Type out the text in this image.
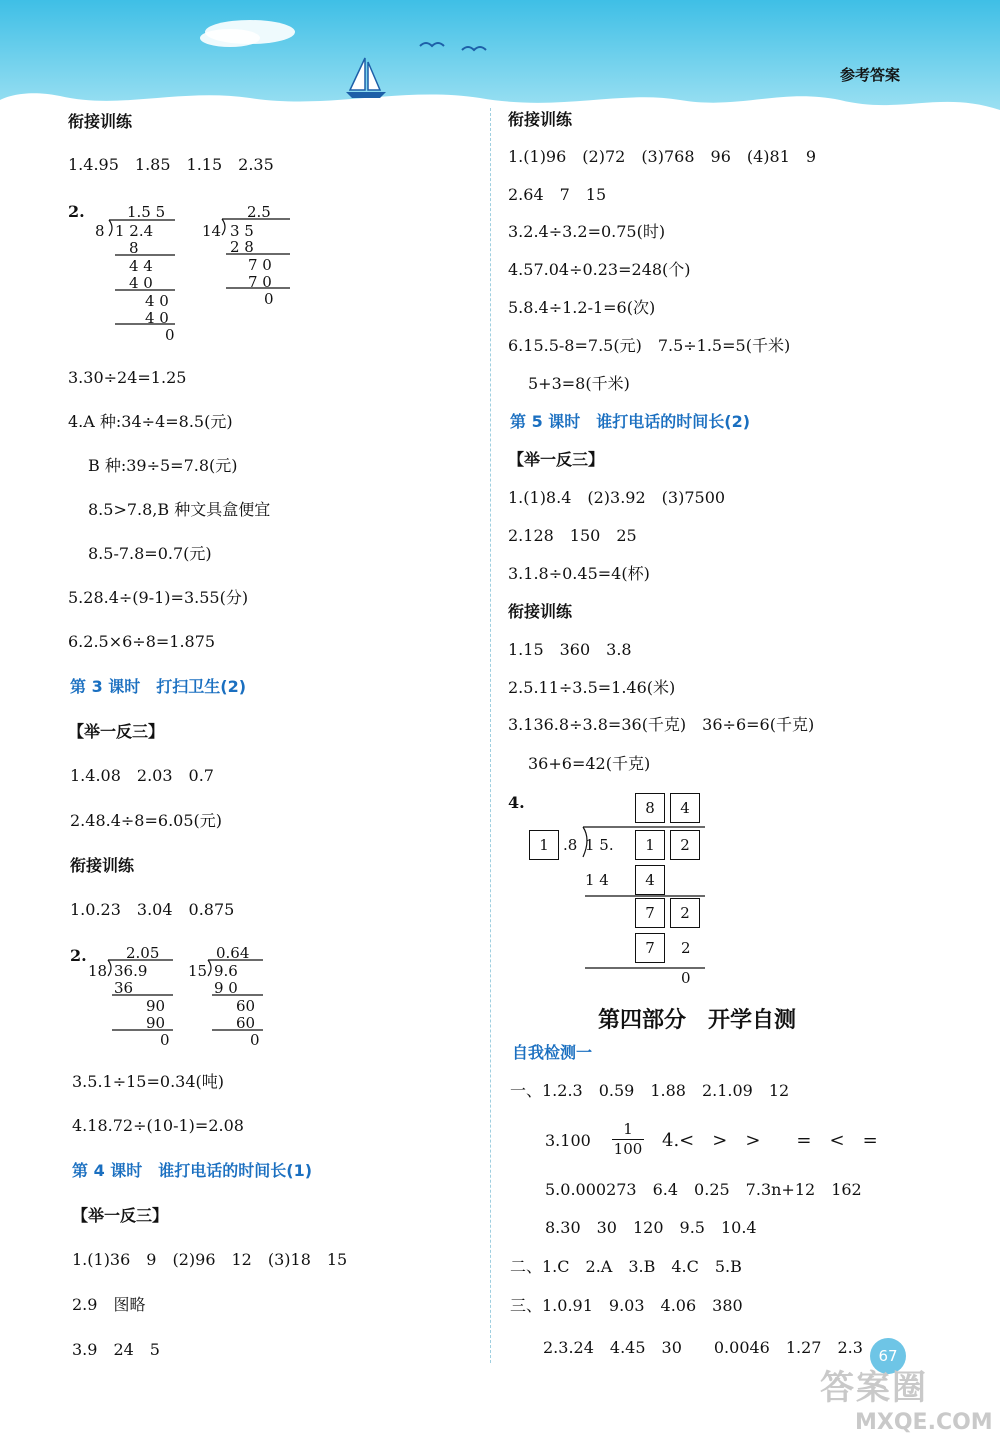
参考答案
衔接训练
1.4.95　1.85　1.15　2.35
2.	1.5 5
8 1 2.4
8
4 4
4 0
4 0
4 0
0
2.5
14 3 5
2 8
7 0
7 0
0
3.30÷24=1.25
4.A 种:34÷4=8.5(元)
B 种:39÷5=7.8(元)
8.5>7.8,B 种文具盒便宜
8.5-7.8=0.7(元)
5.28.4÷(9-1)=3.55(分)
6.2.5×6÷8=1.875
第 3 课时　打扫卫生(2)
【举一反三】
1.4.08　2.03　0.7
2.48.4÷8=6.05(元)
衔接训练
1.0.23　3.04　0.875
2.	2.05
18 36.9
36
90
90
0
0.64
15 9.6
9 0
60
60
0
3.5.1÷15=0.34(吨)
4.18.72÷(10-1)=2.08
第 4 课时　谁打电话的时间长(1)
【举一反三】
1.(1)36　9　(2)96　12　(3)18　15
2.9　图略
3.9　24　5
衔接训练
1.(1)96　(2)72　(3)768　96　(4)81　9
2.64　7　15
3.2.4÷3.2=0.75(时)
4.57.04÷0.23=248(个)
5.8.4÷1.2-1=6(次)
6.15.5-8=7.5(元)　7.5÷1.5=5(千米)
5+3=8(千米)
第 5 课时　谁打电话的时间长(2)
【举一反三】
1.(1)8.4　(2)3.92　(3)7500
2.128　150　25
3.1.8÷0.45=4(杯)
衔接训练
1.15　360　3.8
2.5.11÷3.5=1.46(米)
3.136.8÷3.8=36(千克)　36÷6=6(千克)
36+6=42(千克)
4.	8	4
1 .8 1 5.	1	2
1 4	4
7	2
7	2
0
第四部分　开学自测
自我检测一
一、1.2.3　0.59　1.88　2.1.09　12
$3.100 \frac{1}{100} 4.<$　>　>　　=　<　=
5.0.000273　6.4　0.25　7.3n+12　162
8.30　30　120　9.5　10.4
二、1.C　2.A　3.B　4.C　5.B
三、1.0.91　9.03　4.06　380
2.3.24　4.45　30　　0.0046　1.27　2.3	67
答案圈
MXQE.COM
